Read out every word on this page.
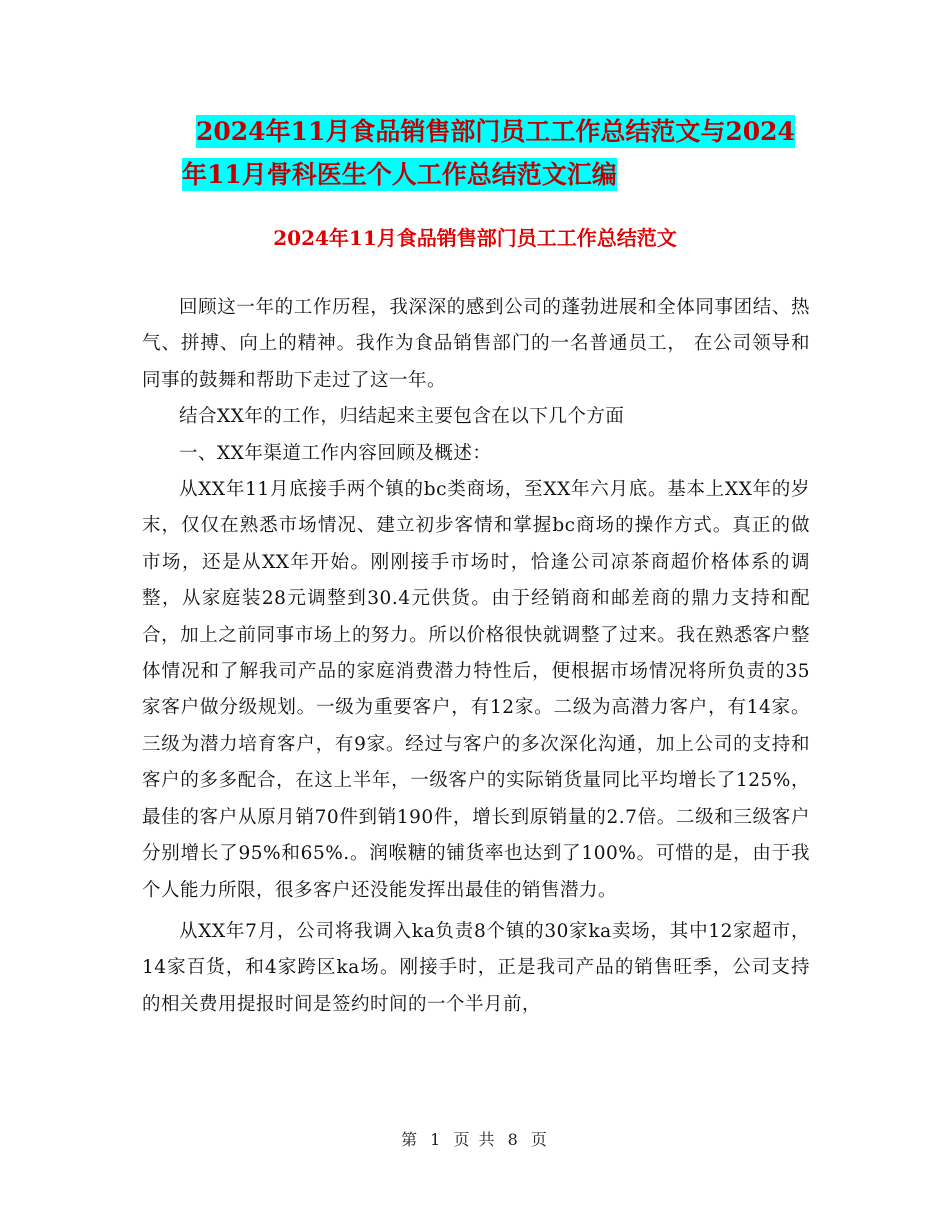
2024年11月食品销售部门员工工作总结范文与2024
年11月骨科医生个人工作总结范文汇编
2024年11月食品销售部门员工工作总结范文

回顾这一年的工作历程，我深深的感到公司的蓬勃进展和全体同事团结、热气、拼搏、向上的精神。我作为食品销售部门的一名普通员工， 在公司领导和同事的鼓舞和帮助下走过了这一年。

结合XX年的工作，归结起来主要包含在以下几个方面

一、XX年渠道工作内容回顾及概述：

从XX年11月底接手两个镇的bc类商场，至XX年六月底。基本上XX年的岁末，仅仅在熟悉市场情况、建立初步客情和掌握bc商场的操作方式。真正的做市场，还是从XX年开始。刚刚接手市场时，恰逢公司凉茶商超价格体系的调整，从家庭装28元调整到30.4元供货。由于经销商和邮差商的鼎力支持和配合，加上之前同事市场上的努力。所以价格很快就调整了过来。我在熟悉客户整体情况和了解我司产品的家庭消费潜力特性后，便根据市场情况将所负责的35家客户做分级规划。一级为重要客户，有12家。二级为高潜力客户，有14家。三级为潜力培育客户，有9家。经过与客户的多次深化沟通，加上公司的支持和客户的多多配合，在这上半年，一级客户的实际销货量同比平均增长了125%，最佳的客户从原月销70件到销190件，增长到原销量的2.7倍。二级和三级客户分别增长了95%和65%.。润喉糖的铺货率也达到了100%。可惜的是，由于我个人能力所限，很多客户还没能发挥出最佳的销售潜力。

从XX年7月，公司将我调入ka负责8个镇的30家ka卖场，其中12家超市，14家百货，和4家跨区ka场。刚接手时，正是我司产品的销售旺季，公司支持的相关费用提报时间是签约时间的一个半月前，

第 1 页 共 8 页
